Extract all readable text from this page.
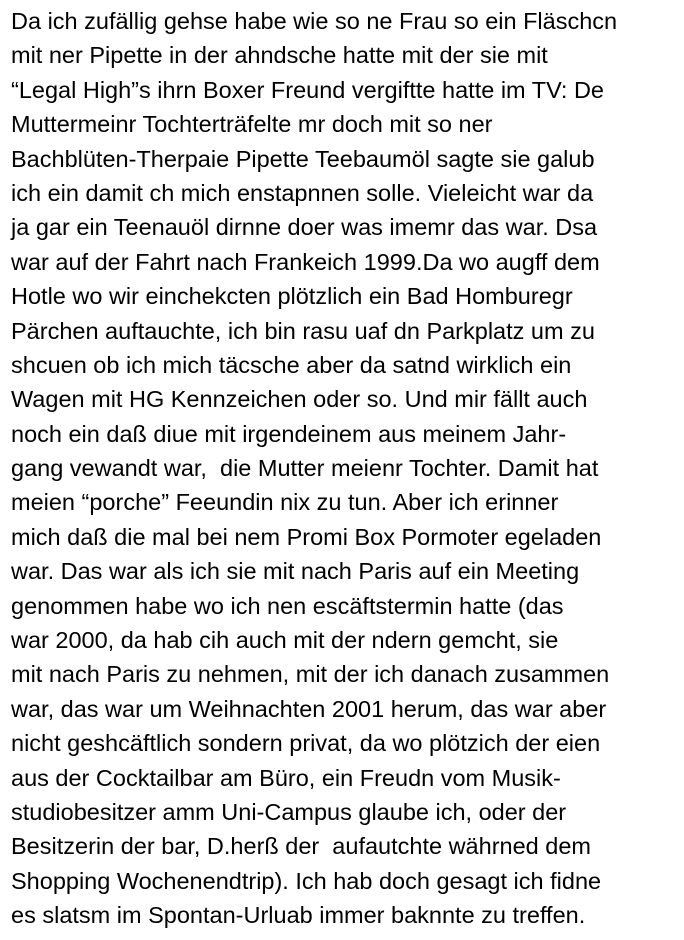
Da ich zufällig gehse habe wie so ne Frau so ein Fläschcn
mit ner Pipette in der ahndsche hatte mit der sie mit
“Legal High”s ihrn Boxer Freund vergiftte hatte im TV: De
Muttermeinr Tochterträfelte mr doch mit so ner
Bachblüten-Therpaie Pipette Teebaumöl sagte sie galub
ich ein damit ch mich enstapnnen solle. Vieleicht war da
ja gar ein Teenauöl dirnne doer was imemr das war. Dsa
war auf der Fahrt nach Frankeich 1999.Da wo augff dem
Hotle wo wir einchekcten plötzlich ein Bad Homburegr
Pärchen auftauchte, ich bin rasu uaf dn Parkplatz um zu
shcuen ob ich mich täcsche aber da satnd wirklich ein
Wagen mit HG Kennzeichen oder so. Und mir fällt auch
noch ein daß diue mit irgendeinem aus meinem Jahr-
gang vewandt war,  die Mutter meienr Tochter. Damit hat
meien “porche” Feeundin nix zu tun. Aber ich erinner
mich daß die mal bei nem Promi Box Pormoter egeladen
war. Das war als ich sie mit nach Paris auf ein Meeting
genommen habe wo ich nen escäftstermin hatte (das
war 2000, da hab cih auch mit der ndern gemcht, sie
mit nach Paris zu nehmen, mit der ich danach zusammen
war, das war um Weihnachten 2001 herum, das war aber
nicht geshcäftlich sondern privat, da wo plötzich der eien
aus der Cocktailbar am Büro, ein Freudn vom Musik-
studiobesitzer amm Uni-Campus glaube ich, oder der
Besitzerin der bar, D.herß der  aufautchte währned dem
Shopping Wochenendtrip). Ich hab doch gesagt ich fidne
es slatsm im Spontan-Urluab immer baknnte zu treffen.
